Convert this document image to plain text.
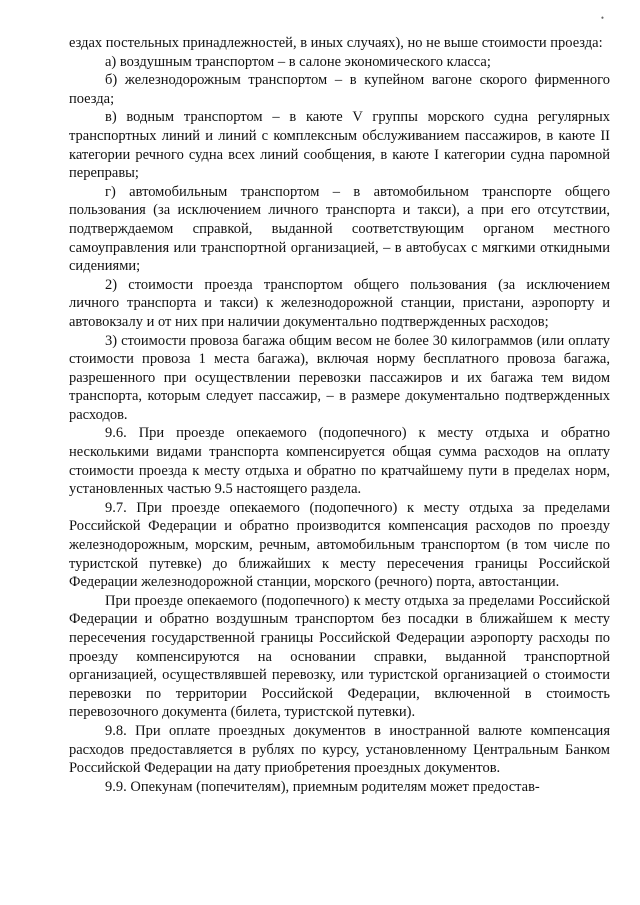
•

ездах постельных принадлежностей, в иных случаях), но не выше стоимости проезда:

а) воздушным транспортом – в салоне экономического класса;

б) железнодорожным транспортом – в купейном вагоне скорого фирменного поезда;

в) водным транспортом – в каюте V группы морского судна регулярных транспортных линий и линий с комплексным обслуживанием пассажиров, в каюте II категории речного судна всех линий сообщения, в каюте I категории судна паромной переправы;

г) автомобильным транспортом – в автомобильном транспорте общего пользования (за исключением личного транспорта и такси), а при его отсутствии, подтверждаемом справкой, выданной соответствующим органом местного самоуправления или транспортной организацией, – в автобусах с мягкими откидными сидениями;

2) стоимости проезда транспортом общего пользования (за исключением личного транспорта и такси) к железнодорожной станции, пристани, аэропорту и автовокзалу и от них при наличии документально подтвержденных расходов;

3) стоимости провоза багажа общим весом не более 30 килограммов (или оплату стоимости провоза 1 места багажа), включая норму бесплатного провоза багажа, разрешенного при осуществлении перевозки пассажиров и их багажа тем видом транспорта, которым следует пассажир, – в размере документально подтвержденных расходов.

9.6. При проезде опекаемого (подопечного) к месту отдыха и обратно несколькими видами транспорта компенсируется общая сумма расходов на оплату стоимости проезда к месту отдыха и обратно по кратчайшему пути в пределах норм, установленных частью 9.5 настоящего раздела.

9.7. При проезде опекаемого (подопечного) к месту отдыха за пределами Российской Федерации и обратно производится компенсация расходов по проезду железнодорожным, морским, речным, автомобильным транспортом (в том числе по туристской путевке) до ближайших к месту пересечения границы Российской Федерации железнодорожной станции, морского (речного) порта, автостанции.

При проезде опекаемого (подопечного) к месту отдыха за пределами Российской Федерации и обратно воздушным транспортом без посадки в ближайшем к месту пересечения государственной границы Российской Федерации аэропорту расходы по проезду компенсируются на основании справки, выданной транспортной организацией, осуществлявшей перевозку, или туристской организацией о стоимости перевозки по территории Российской Федерации, включенной в стоимость перевозочного документа (билета, туристской путевки).

9.8. При оплате проездных документов в иностранной валюте компенсация расходов предоставляется в рублях по курсу, установленному Центральным Банком Российской Федерации на дату приобретения проездных документов.

9.9. Опекунам (попечителям), приемным родителям может предостав-
